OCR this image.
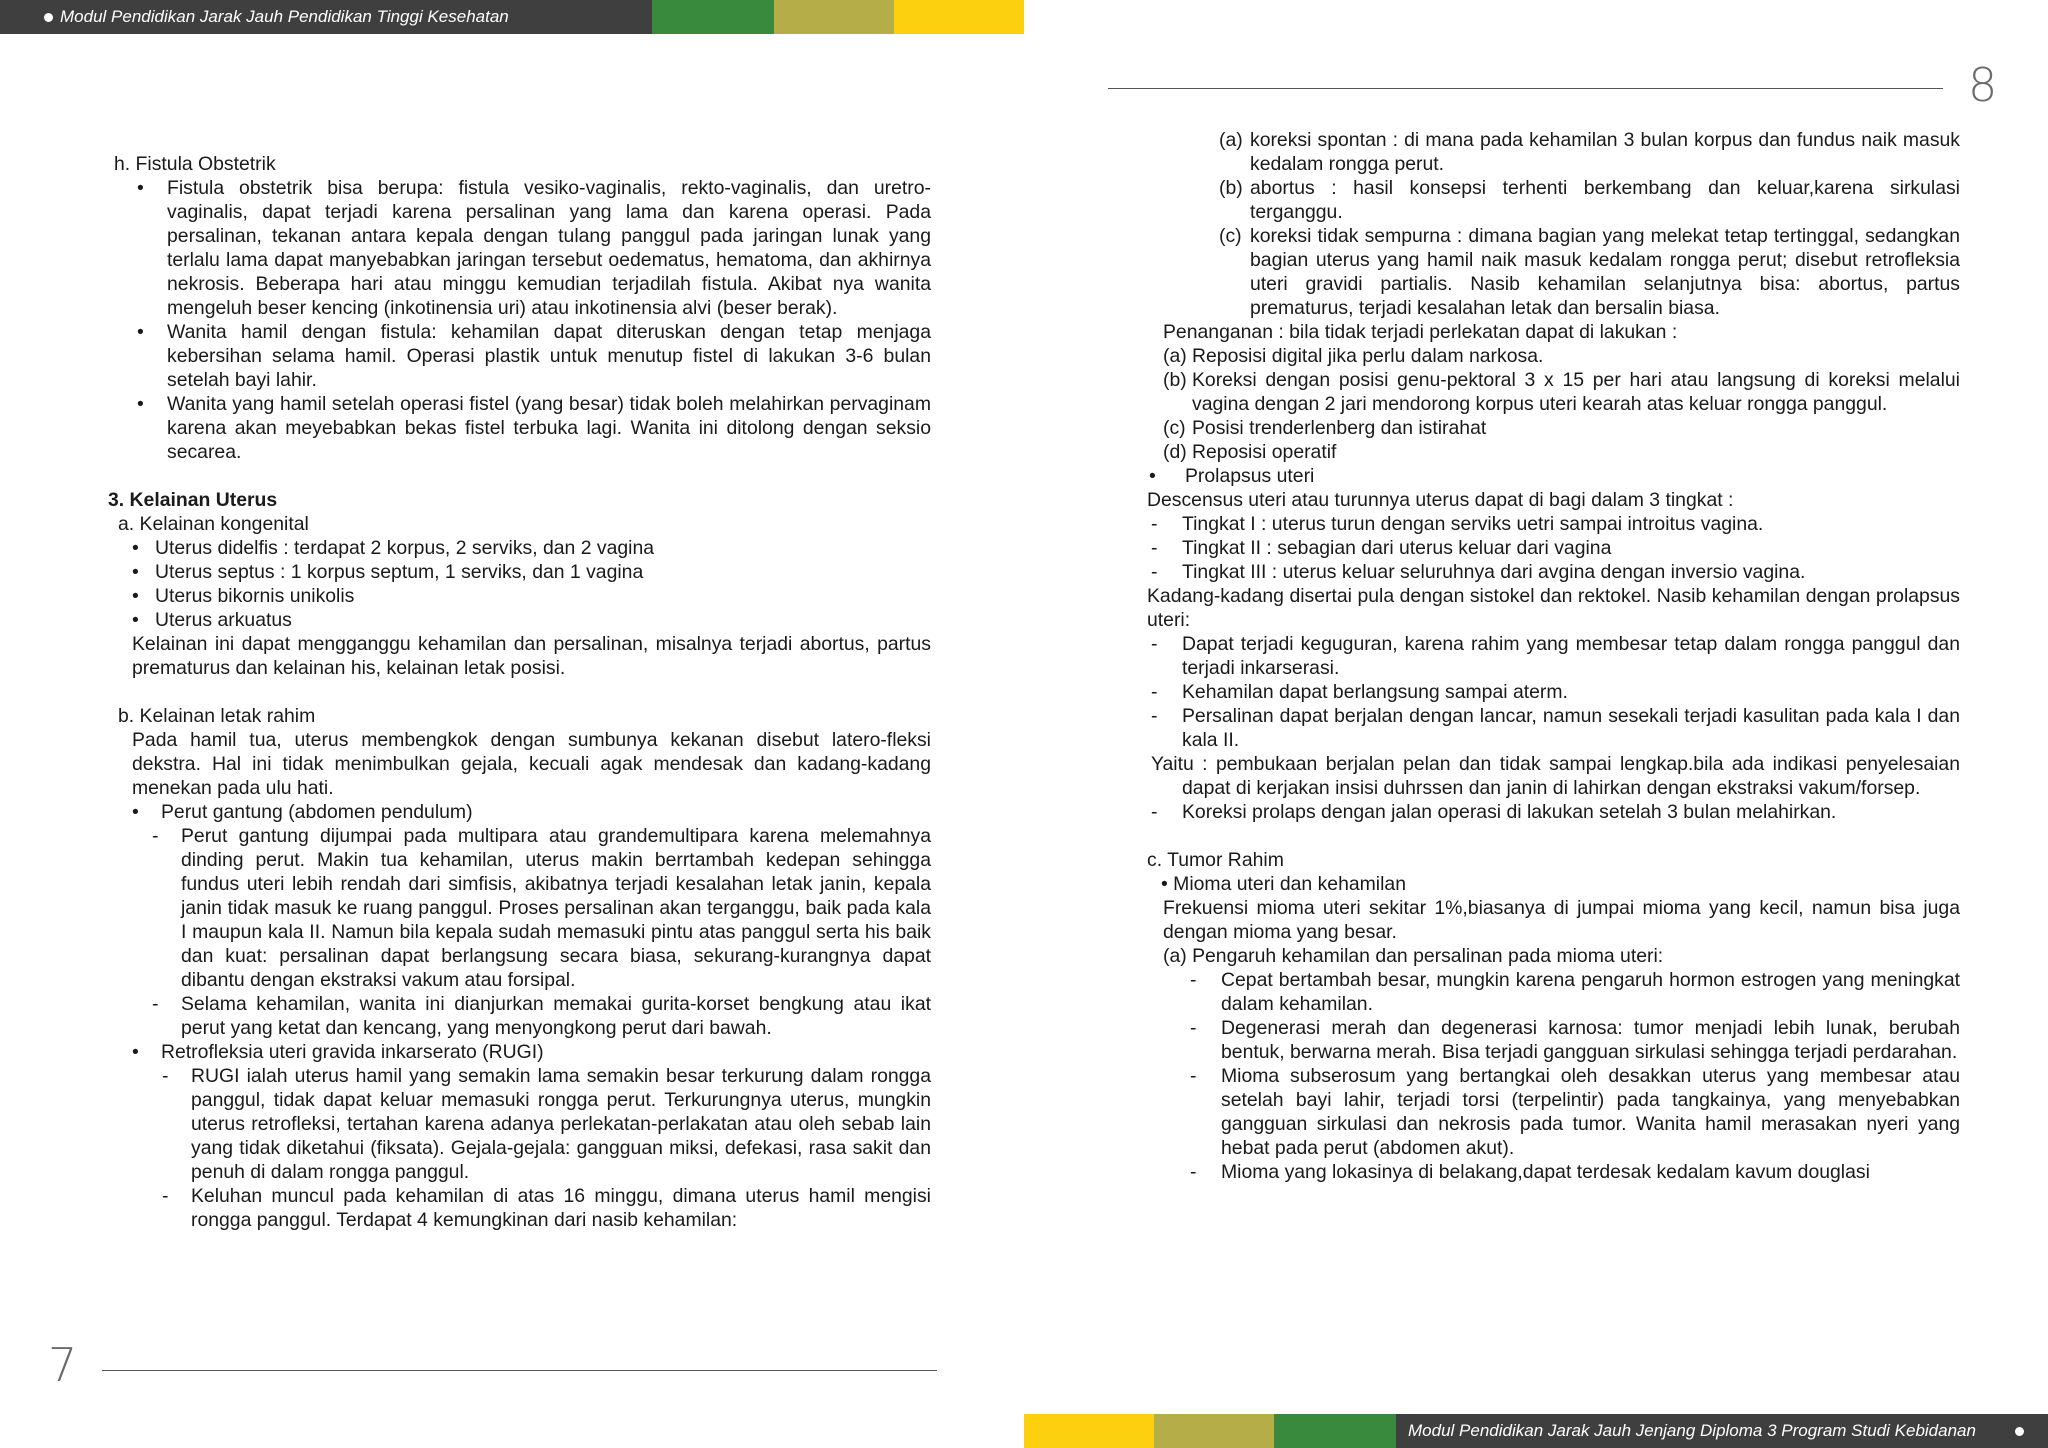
Modul Pendidikan Jarak Jauh Pendidikan Tinggi Kesehatan
Modul Pendidikan Jarak Jauh Jenjang Diploma 3 Program Studi Kebidanan
8
7

h. Fistula Obstetrik

• Fistula obstetrik bisa berupa: fistula vesiko-vaginalis, rekto-vaginalis, dan uretro-vaginalis, dapat terjadi karena persalinan yang lama dan karena operasi. Pada persalinan, tekanan antara kepala dengan tulang panggul pada jaringan lunak yang terlalu lama dapat manyebabkan jaringan tersebut oedematus, hematoma, dan akhirnya nekrosis. Beberapa hari atau minggu kemudian terjadilah fistula. Akibat nya wanita mengeluh beser kencing (inkotinensia uri) atau inkotinensia alvi (beser berak).
• Wanita hamil dengan fistula: kehamilan dapat diteruskan dengan tetap menjaga kebersihan selama hamil. Operasi plastik untuk menutup fistel di lakukan 3-6 bulan setelah bayi lahir.
• Wanita yang hamil setelah operasi fistel (yang besar) tidak boleh melahirkan pervaginam karena akan meyebabkan bekas fistel terbuka lagi. Wanita ini ditolong dengan seksio secarea.

3. Kelainan Uterus

a. Kelainan kongenital

• Uterus didelfis : terdapat 2 korpus, 2 serviks, dan 2 vagina
• Uterus septus : 1 korpus septum, 1 serviks, dan 1 vagina
• Uterus bikornis unikolis
• Uterus arkuatus

Kelainan ini dapat mengganggu kehamilan dan persalinan, misalnya terjadi abortus, partus prematurus dan kelainan his, kelainan letak posisi.

b. Kelainan letak rahim

Pada hamil tua, uterus membengkok dengan sumbunya kekanan disebut latero-fleksi dekstra. Hal ini tidak menimbulkan gejala, kecuali agak mendesak dan kadang-kadang menekan pada ulu hati.

• Perut gantung (abdomen pendulum)
- Perut gantung dijumpai pada multipara atau grandemultipara karena melemahnya dinding perut. Makin tua kehamilan, uterus makin berrtambah kedepan sehingga fundus uteri lebih rendah dari simfisis, akibatnya terjadi kesalahan letak janin, kepala janin tidak masuk ke ruang panggul. Proses persalinan akan terganggu, baik pada kala I maupun kala II. Namun bila kepala sudah memasuki pintu atas panggul serta his baik dan kuat: persalinan dapat berlangsung secara biasa, sekurang-kurangnya dapat dibantu dengan ekstraksi vakum atau forsipal.
- Selama kehamilan, wanita ini dianjurkan memakai gurita-korset bengkung atau ikat perut yang ketat dan kencang, yang menyongkong perut dari bawah.
• Retrofleksia uteri gravida inkarserato (RUGI)
- RUGI ialah uterus hamil yang semakin lama semakin besar terkurung dalam rongga panggul, tidak dapat keluar memasuki rongga perut. Terkurungnya uterus, mungkin uterus retrofleksi, tertahan karena adanya perlekatan-perlakatan atau oleh sebab lain yang tidak diketahui (fiksata). Gejala-gejala: gangguan miksi, defekasi, rasa sakit dan penuh di dalam rongga panggul.
- Keluhan muncul pada kehamilan di atas 16 minggu, dimana uterus hamil mengisi rongga panggul. Terdapat 4 kemungkinan dari nasib kehamilan:
(a) koreksi spontan : di mana pada kehamilan 3 bulan korpus dan fundus naik masuk kedalam rongga perut.
(b) abortus : hasil konsepsi terhenti berkembang dan keluar,karena sirkulasi terganggu.
(c) koreksi tidak sempurna : dimana bagian yang melekat tetap tertinggal, sedangkan bagian uterus yang hamil naik masuk kedalam rongga perut; disebut retrofleksia uteri gravidi partialis. Nasib kehamilan selanjutnya bisa: abortus, partus prematurus, terjadi kesalahan letak dan bersalin biasa.

Penanganan : bila tidak terjadi perlekatan dapat di lakukan :

(a) Reposisi digital jika perlu dalam narkosa.
(b) Koreksi dengan posisi genu-pektoral 3 x 15 per hari atau langsung di koreksi melalui vagina dengan 2 jari mendorong korpus uteri kearah atas keluar rongga panggul.
(c) Posisi trenderlenberg dan istirahat
(d) Reposisi operatif
• Prolapsus uteri

Descensus uteri atau turunnya uterus dapat di bagi dalam 3 tingkat :

- Tingkat I : uterus turun dengan serviks uetri sampai introitus vagina.
- Tingkat II : sebagian dari uterus keluar dari vagina
- Tingkat III : uterus keluar seluruhnya dari avgina dengan inversio vagina.

Kadang-kadang disertai pula dengan sistokel dan rektokel. Nasib kehamilan dengan prolapsus uteri:

- Dapat terjadi keguguran, karena rahim yang membesar tetap dalam rongga panggul dan terjadi inkarserasi.
- Kehamilan dapat berlangsung sampai aterm.
- Persalinan dapat berjalan dengan lancar, namun sesekali terjadi kasulitan pada kala I dan kala II.

Yaitu : pembukaan berjalan pelan dan tidak sampai lengkap.bila ada indikasi penyelesaian dapat di kerjakan insisi duhrssen dan janin di lahirkan dengan ekstraksi vakum/forsep.

- Koreksi prolaps dengan jalan operasi di lakukan setelah 3 bulan melahirkan.

c. Tumor Rahim

• Mioma uteri dan kehamilan

Frekuensi mioma uteri sekitar 1%,biasanya di jumpai mioma yang kecil, namun bisa juga dengan mioma yang besar.

(a) Pengaruh kehamilan dan persalinan pada mioma uteri:

- Cepat bertambah besar, mungkin karena pengaruh hormon estrogen yang meningkat dalam kehamilan.
- Degenerasi merah dan degenerasi karnosa: tumor menjadi lebih lunak, berubah bentuk, berwarna merah. Bisa terjadi gangguan sirkulasi sehingga terjadi perdarahan.
- Mioma subserosum yang bertangkai oleh desakkan uterus yang membesar atau setelah bayi lahir, terjadi torsi (terpelintir) pada tangkainya, yang menyebabkan gangguan sirkulasi dan nekrosis pada tumor. Wanita hamil merasakan nyeri yang hebat pada perut (abdomen akut).
- Mioma yang lokasinya di belakang,dapat terdesak kedalam kavum douglasi
